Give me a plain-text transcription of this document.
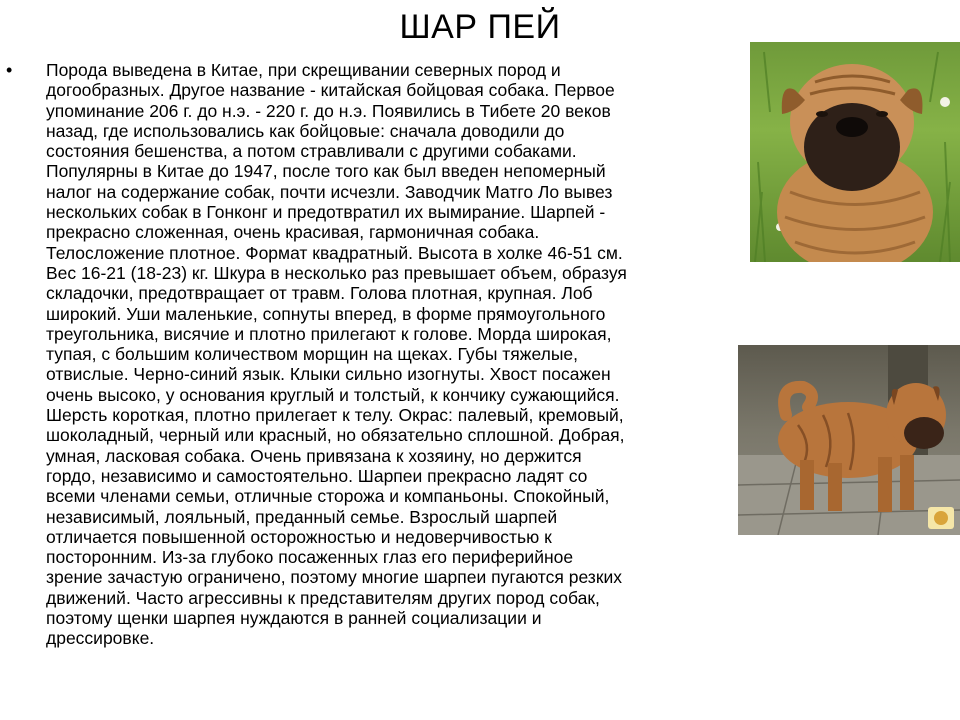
ШАР ПЕЙ
• Порода выведена в Китае, при скрещивании северных пород и
догообразных. Другое название - китайская бойцовая собака. Первое
упоминание 206 г. до н.э. - 220 г. до н.э. Появились в Тибете 20 веков
назад, где использовались как бойцовые: сначала доводили до
состояния бешенства, а потом стравливали с другими собаками.
Популярны в Китае до 1947, после того как был введен непомерный
налог на содержание собак, почти исчезли. Заводчик Матго Ло вывез
нескольких собак в Гонконг и предотвратил их вымирание. Шарпей -
прекрасно сложенная, очень красивая, гармоничная собака.
Телосложение плотное. Формат квадратный. Высота в холке 46-51 см.
Вес 16-21 (18-23) кг. Шкура в несколько раз превышает объем, образуя
складочки, предотвращает от травм. Голова плотная, крупная. Лоб
широкий. Уши маленькие, сопнуты вперед, в форме прямоугольного
треугольника, висячие и плотно прилегают к голове. Морда широкая,
тупая, с большим количеством морщин на щеках. Губы тяжелые,
отвислые. Черно-синий язык. Клыки сильно изогнуты. Хвост посажен
очень высоко, у основания круглый и толстый, к кончику сужающийся.
Шерсть короткая, плотно прилегает к телу. Окрас: палевый, кремовый,
шоколадный, черный или красный, но обязательно сплошной. Добрая,
умная, ласковая собака. Очень привязана к хозяину, но держится
гордо, независимо и самостоятельно. Шарпеи прекрасно ладят со
всеми членами семьи, отличные сторожа и компаньоны. Спокойный,
независимый, лояльный, преданный семье. Взрослый шарпей
отличается повышенной осторожностью и недоверчивостью к
посторонним. Из-за глубоко посаженных глаз его периферийное
зрение зачастую ограничено, поэтому многие шарпеи пугаются резких
движений. Часто агрессивны к представителям других пород собак,
поэтому щенки шарпея нуждаются в ранней социализации и
дрессировке.
